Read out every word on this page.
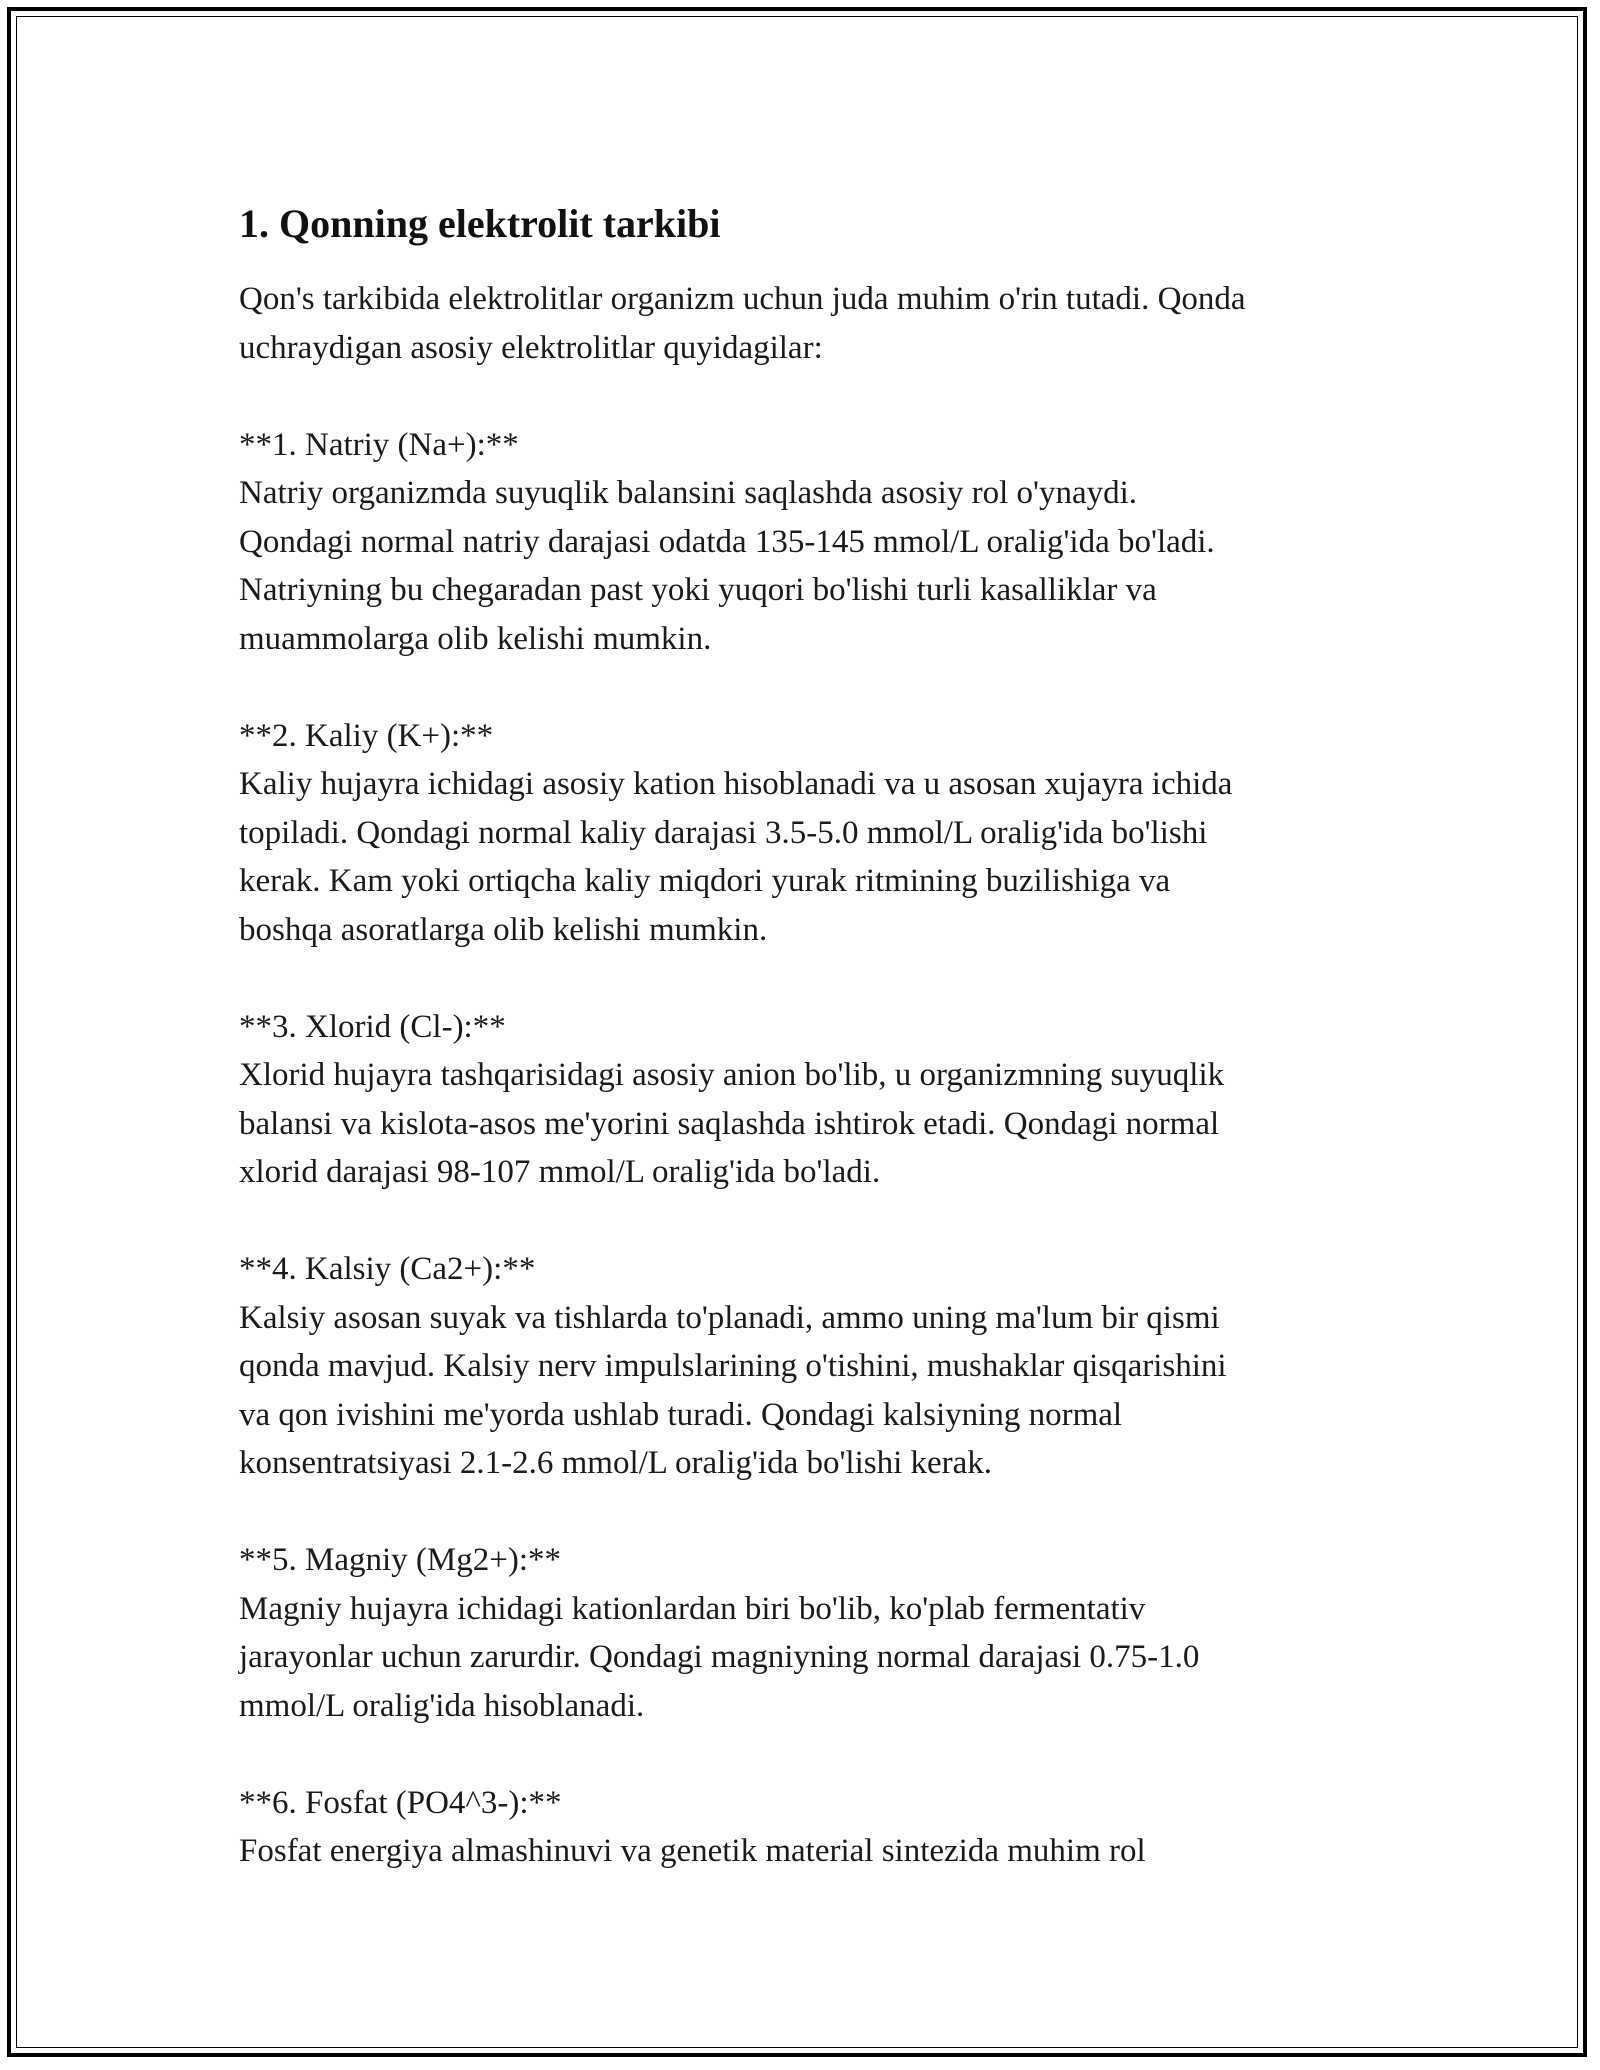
1. Qonning elektrolit tarkibi

Qon's tarkibida elektrolitlar organizm uchun juda muhim o'rin tutadi. Qonda
uchraydigan asosiy elektrolitlar quyidagilar:

**1. Natriy (Na+):**
Natriy organizmda suyuqlik balansini saqlashda asosiy rol o'ynaydi.
Qondagi normal natriy darajasi odatda 135-145 mmol/L oralig'ida bo'ladi.
Natriyning bu chegaradan past yoki yuqori bo'lishi turli kasalliklar va
muammolarga olib kelishi mumkin.

**2. Kaliy (K+):**
Kaliy hujayra ichidagi asosiy kation hisoblanadi va u asosan xujayra ichida
topiladi. Qondagi normal kaliy darajasi 3.5-5.0 mmol/L oralig'ida bo'lishi
kerak. Kam yoki ortiqcha kaliy miqdori yurak ritmining buzilishiga va
boshqa asoratlarga olib kelishi mumkin.

**3. Xlorid (Cl-):**
Xlorid hujayra tashqarisidagi asosiy anion bo'lib, u organizmning suyuqlik
balansi va kislota-asos me'yorini saqlashda ishtirok etadi. Qondagi normal
xlorid darajasi 98-107 mmol/L oralig'ida bo'ladi.

**4. Kalsiy (Ca2+):**
Kalsiy asosan suyak va tishlarda to'planadi, ammo uning ma'lum bir qismi
qonda mavjud. Kalsiy nerv impulslarining o'tishini, mushaklar qisqarishini
va qon ivishini me'yorda ushlab turadi. Qondagi kalsiyning normal
konsentratsiyasi 2.1-2.6 mmol/L oralig'ida bo'lishi kerak.

**5. Magniy (Mg2+):**
Magniy hujayra ichidagi kationlardan biri bo'lib, ko'plab fermentativ
jarayonlar uchun zarurdir. Qondagi magniyning normal darajasi 0.75-1.0
mmol/L oralig'ida hisoblanadi.

**6. Fosfat (PO4^3-):**
Fosfat energiya almashinuvi va genetik material sintezida muhim rol
